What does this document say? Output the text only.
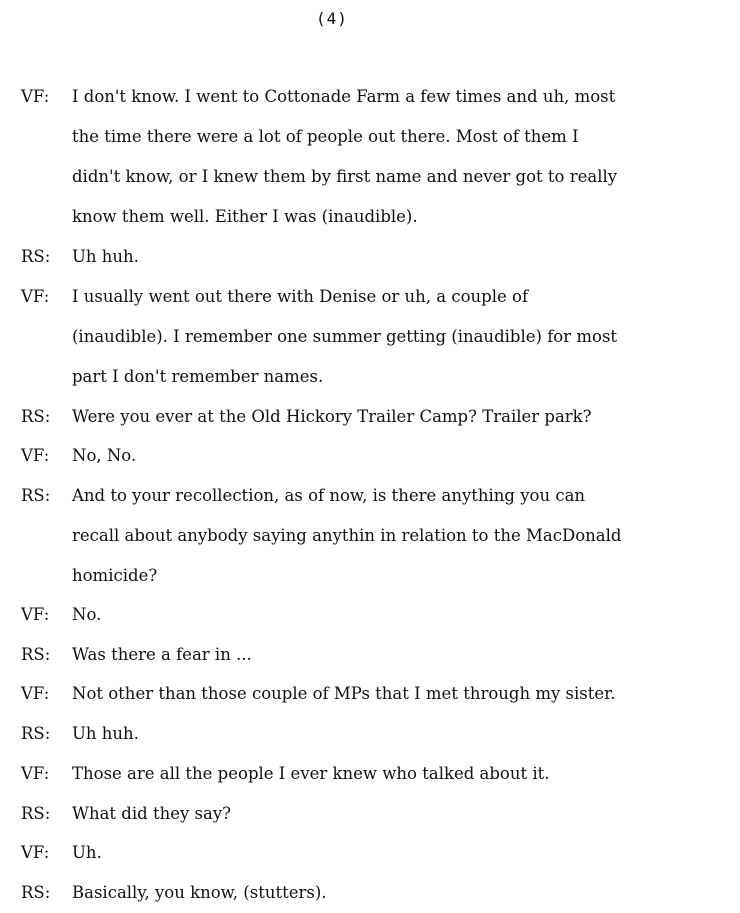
(4)
VF: I don't know. I went to Cottonade Farm a few times and uh, most
the time there were a lot of people out there. Most of them I
didn't know, or I knew them by first name and never got to really
know them well. Either I was (inaudible).
RS: Uh huh.
VF: I usually went out there with Denise or uh, a couple of
(inaudible). I remember one summer getting (inaudible) for most
part I don't remember names.
RS: Were you ever at the Old Hickory Trailer Camp? Trailer park?
VF: No, No.
RS: And to your recollection, as of now, is there anything you can
recall about anybody saying anythin in relation to the MacDonald
homicide?
VF: No.
RS: Was there a fear in ...
VF: Not other than those couple of MPs that I met through my sister.
RS: Uh huh.
VF: Those are all the people I ever knew who talked about it.
RS: What did they say?
VF: Uh.
RS: Basically, you know, (stutters).
